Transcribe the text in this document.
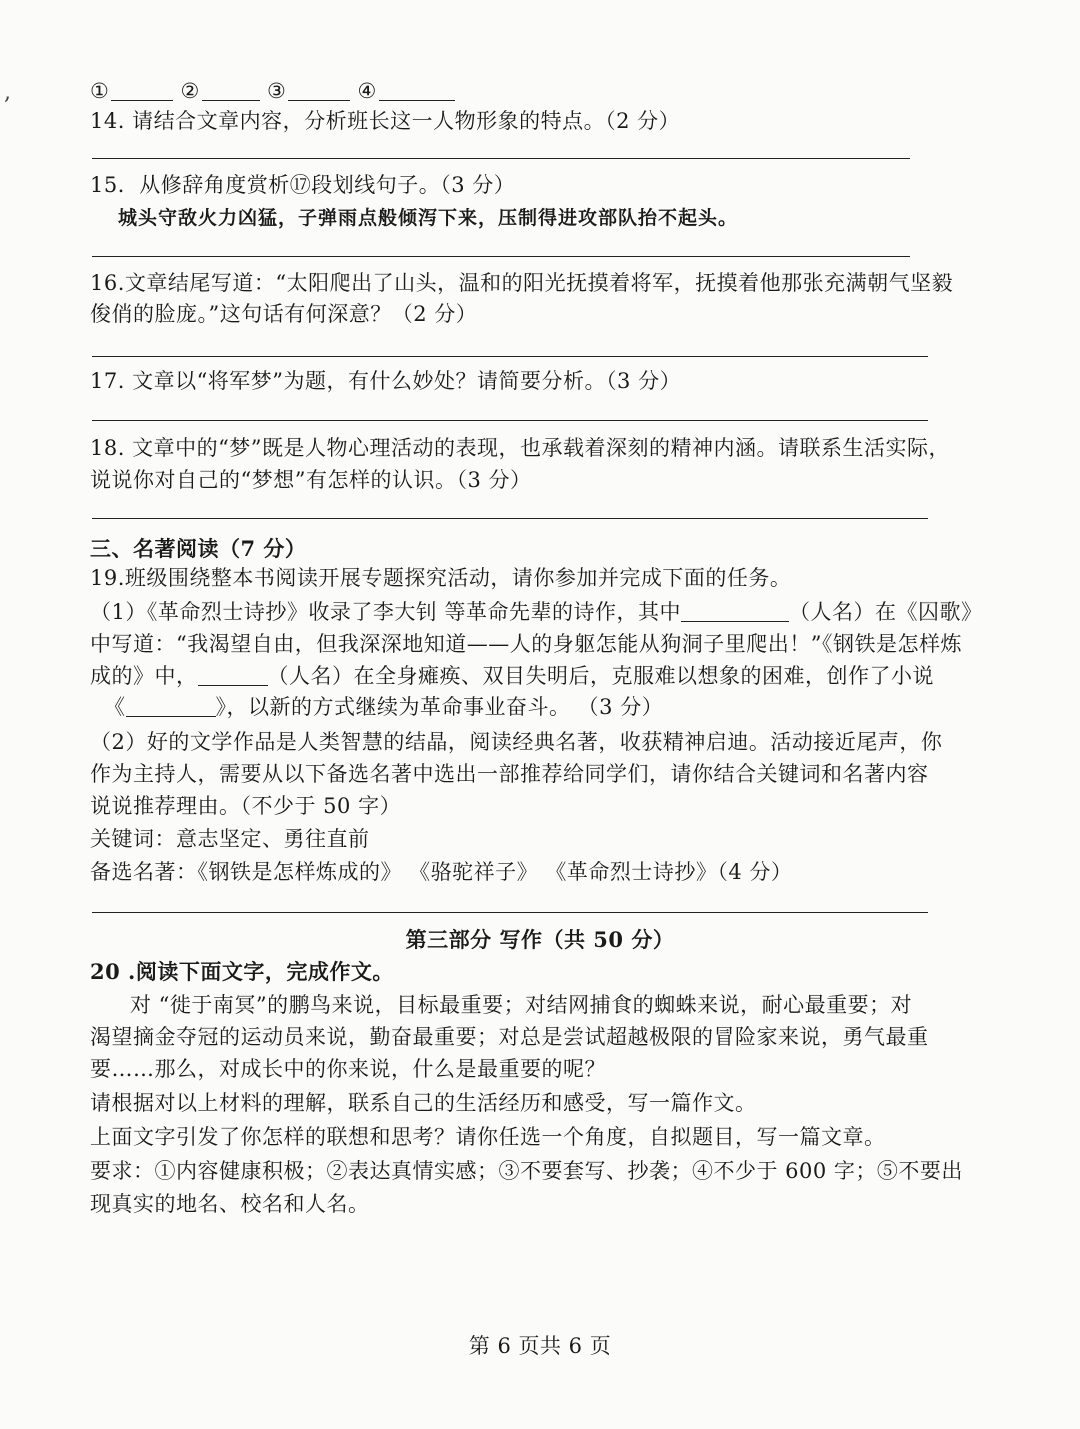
,	①	②	③	④
14. 请结合文章内容，分析班长这一人物形象的特点。（2 分）
15．从修辞角度赏析⑰段划线句子。（3 分）
城头守敌火力凶猛，子弹雨点般倾泻下来，压制得进攻部队抬不起头。
16.文章结尾写道：“太阳爬出了山头，温和的阳光抚摸着将军，抚摸着他那张充满朝气坚毅
俊俏的脸庞。”这句话有何深意？（2 分）
17. 文章以“将军梦”为题，有什么妙处？请简要分析。（3 分）
18. 文章中的“梦”既是人物心理活动的表现，也承载着深刻的精神内涵。请联系生活实际，
说说你对自己的“梦想”有怎样的认识。（3 分）
三、名著阅读（7 分）
19.班级围绕整本书阅读开展专题探究活动，请你参加并完成下面的任务。
（1）《革命烈士诗抄》收录了李大钊 等革命先辈的诗作，其中	（人名）在《囚歌》
中写道：“我渴望自由，但我深深地知道——人的身躯怎能从狗洞子里爬出！”《钢铁是怎样炼
成的》中，	（人名）在全身瘫痪、双目失明后，克服难以想象的困难，创作了小说
《	》，以新的方式继续为革命事业奋斗。 （3 分）
（2）好的文学作品是人类智慧的结晶，阅读经典名著，收获精神启迪。活动接近尾声，你
作为主持人，需要从以下备选名著中选出一部推荐给同学们，请你结合关键词和名著内容
说说推荐理由。（不少于 50 字）
关键词：意志坚定、勇往直前
备选名著：《钢铁是怎样炼成的》 《骆驼祥子》 《革命烈士诗抄》（4 分）
第三部分 写作（共 50 分）
20 .阅读下面文字，完成作文。
对 “徙于南冥”的鹏鸟来说，目标最重要；对结网捕食的蜘蛛来说，耐心最重要；对
渴望摘金夺冠的运动员来说，勤奋最重要；对总是尝试超越极限的冒险家来说，勇气最重
要……那么，对成长中的你来说，什么是最重要的呢？
请根据对以上材料的理解，联系自己的生活经历和感受，写一篇作文。
上面文字引发了你怎样的联想和思考？请你任选一个角度，自拟题目，写一篇文章。
要求：①内容健康积极；②表达真情实感；③不要套写、抄袭；④不少于 600 字；⑤不要出
现真实的地名、校名和人名。
第 6 页共 6 页
